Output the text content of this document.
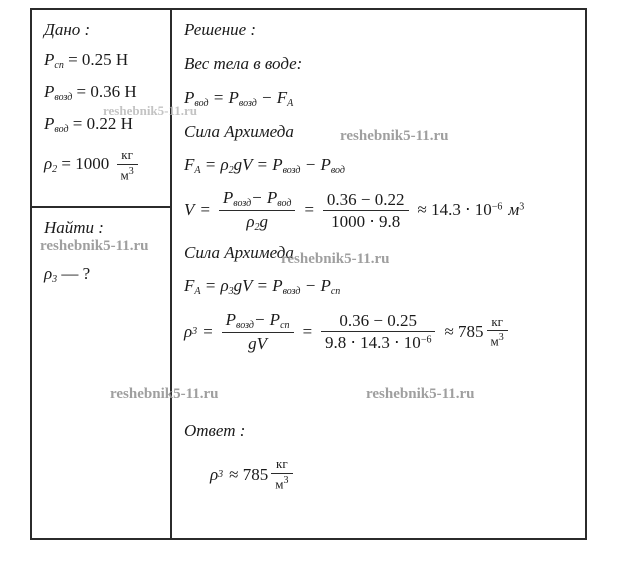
Дано :
$P_{cп} = 0.25$ Н
$P_{возд} = 0.36$ Н
$P_{вод} = 0.22$ Н
$\rho_2 = 1000 \frac{кг}{м^3}$
Найти :
$\rho_3$ — ?
Решение :
Вес тела в воде:
$P_{вод} = P_{возд} - F_A$
Сила Архимеда
$F_A = \rho_2gV = P_{возд} - P_{вод}$
$V = \frac{P_{возд}- P_{вод}}{\rho_2g} = \frac{0.36 - 0.22}{1000 \cdot 9.8} \approx 14.3 \cdot 10^{-6}$ $м^3$
Сила Архимеда
$F_A = \rho_3gV = P_{возд} - P_{cп}$
ρ $3 = \frac{P_{возд}- P_{cп}}{gV} = \frac{0.36 - 0.25}{9.8 \cdot 14.3 \cdot 10^{-6}} \approx 785 \frac{кг}{м^3}$
Ответ :
ρ $3 \approx 785 \frac{кг}{м^3}$
reshebnik5-11.ru
reshebnik5-11.ru
reshebnik5-11.ru
reshebnik5-11.ru
reshebnik5-11.ru	reshebnik5-11.ru
